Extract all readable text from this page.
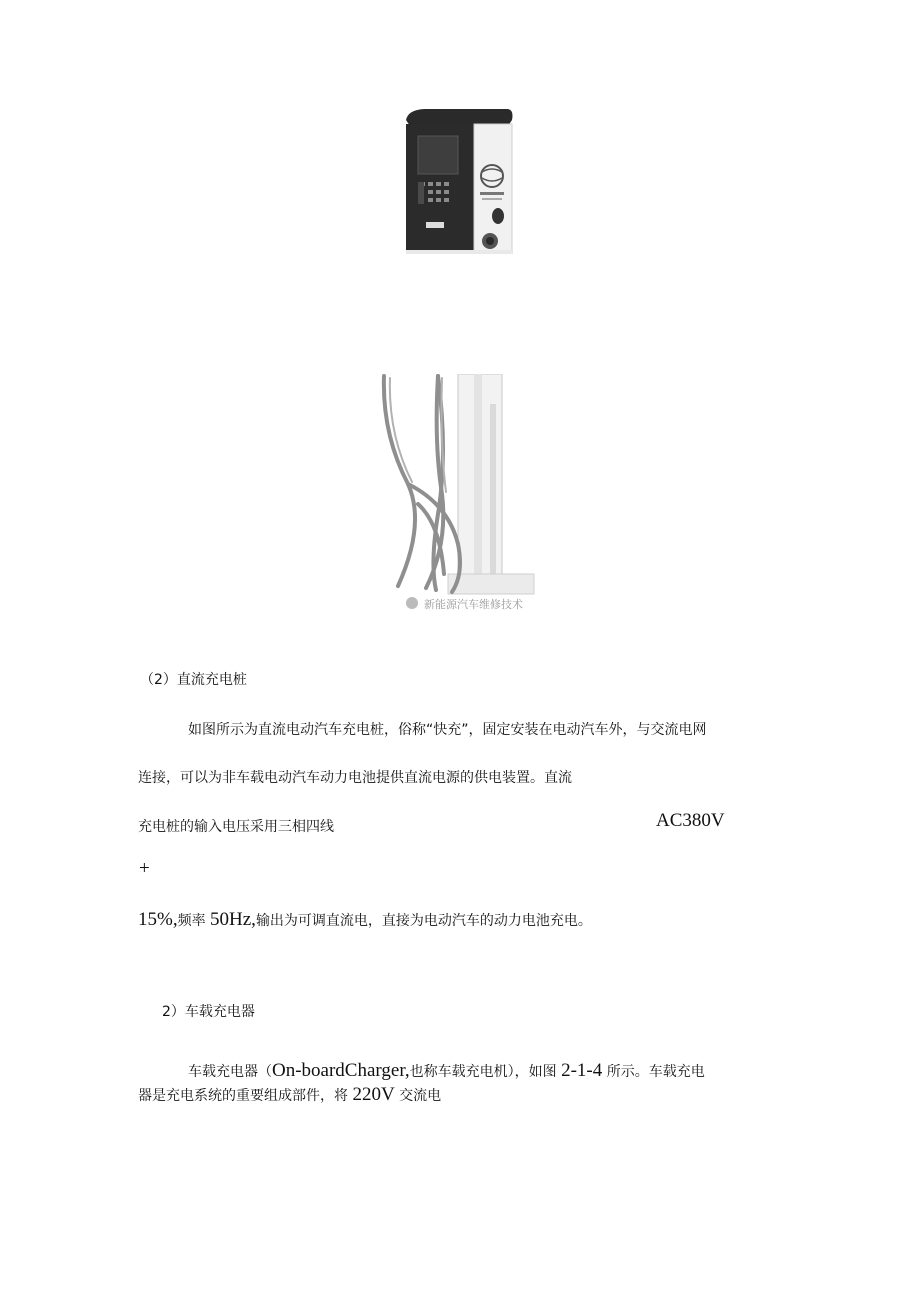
新能源汽车维修技术
（2）直流充电桩
如图所示为直流电动汽车充电桩，俗称“快充”，固定安装在电动汽车外，与交流电网
连接，可以为非车载电动汽车动力电池提供直流电源的供电装置。直流
充电桩的输入电压采用三相四线	AC380V
+
15%,频率 50Hz,输出为可调直流电，直接为电动汽车的动力电池充电。
2）车载充电器
车载充电器（On-boardCharger,也称车载充电机），如图 2-1-4 所示。车载充电
器是充电系统的重要组成部件，将 220V 交流电
